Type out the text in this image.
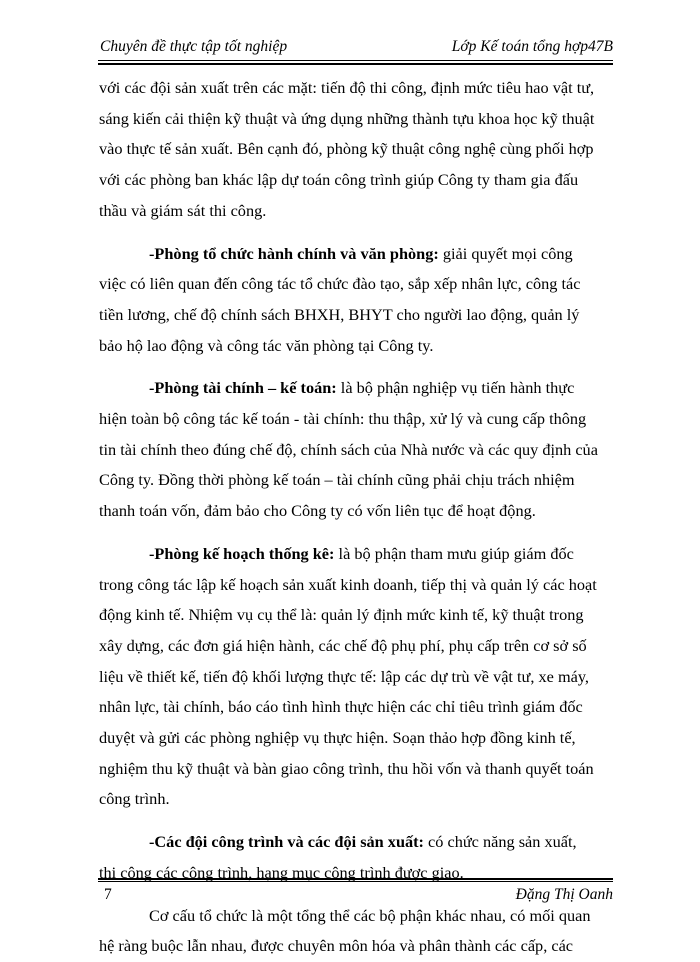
Chuyên đề thực tập tốt nghiệp	Lớp Kế toán tổng hợp47B

với các đội sản xuất trên các mặt: tiến độ thi công, định mức tiêu hao vật tư,
sáng kiến cải thiện kỹ thuật và ứng dụng những thành tựu khoa học kỹ thuật
vào thực tế sản xuất. Bên cạnh đó, phòng kỹ thuật công nghệ cùng phối hợp
với các phòng ban khác lập dự toán công trình giúp Công ty tham gia đấu
thầu và giám sát thi công.

-Phòng tổ chức hành chính và văn phòng: giải quyết mọi công
việc có liên quan đến công tác tổ chức đào tạo, sắp xếp nhân lực, công tác
tiền lương, chế độ chính sách BHXH, BHYT cho người lao động, quản lý
bảo hộ lao động và công tác văn phòng tại Công ty.

-Phòng tài chính – kế toán: là bộ phận nghiệp vụ tiến hành thực
hiện toàn bộ công tác kế toán - tài chính: thu thập, xử lý và cung cấp thông
tin tài chính theo đúng chế độ, chính sách của Nhà nước và các quy định của
Công ty. Đồng thời phòng kế toán – tài chính cũng phải chịu trách nhiệm
thanh toán vốn, đảm bảo cho Công ty có vốn liên tục để hoạt động.

-Phòng kế hoạch thống kê: là bộ phận tham mưu giúp giám đốc
trong công tác lập kế hoạch sản xuất kinh doanh, tiếp thị và quản lý các hoạt
động kinh tế. Nhiệm vụ cụ thể là: quản lý định mức kinh tế, kỹ thuật trong
xây dựng, các đơn giá hiện hành, các chế độ phụ phí, phụ cấp trên cơ sở số
liệu về thiết kế, tiến độ khối lượng thực tế: lập các dự trù về vật tư, xe máy,
nhân lực, tài chính, báo cáo tình hình thực hiện các chỉ tiêu trình giám đốc
duyệt và gửi các phòng nghiệp vụ thực hiện. Soạn thảo hợp đồng kinh tế,
nghiệm thu kỹ thuật và bàn giao công trình, thu hồi vốn và thanh quyết toán
công trình.

-Các đội công trình và các đội sản xuất: có chức năng sản xuất,
thi công các công trình, hạng mục công trình được giao.

Cơ cấu tổ chức là một tổng thể các bộ phận khác nhau, có mối quan
hệ ràng buộc lẫn nhau, được chuyên môn hóa và phân thành các cấp, các

7	Đặng Thị Oanh
